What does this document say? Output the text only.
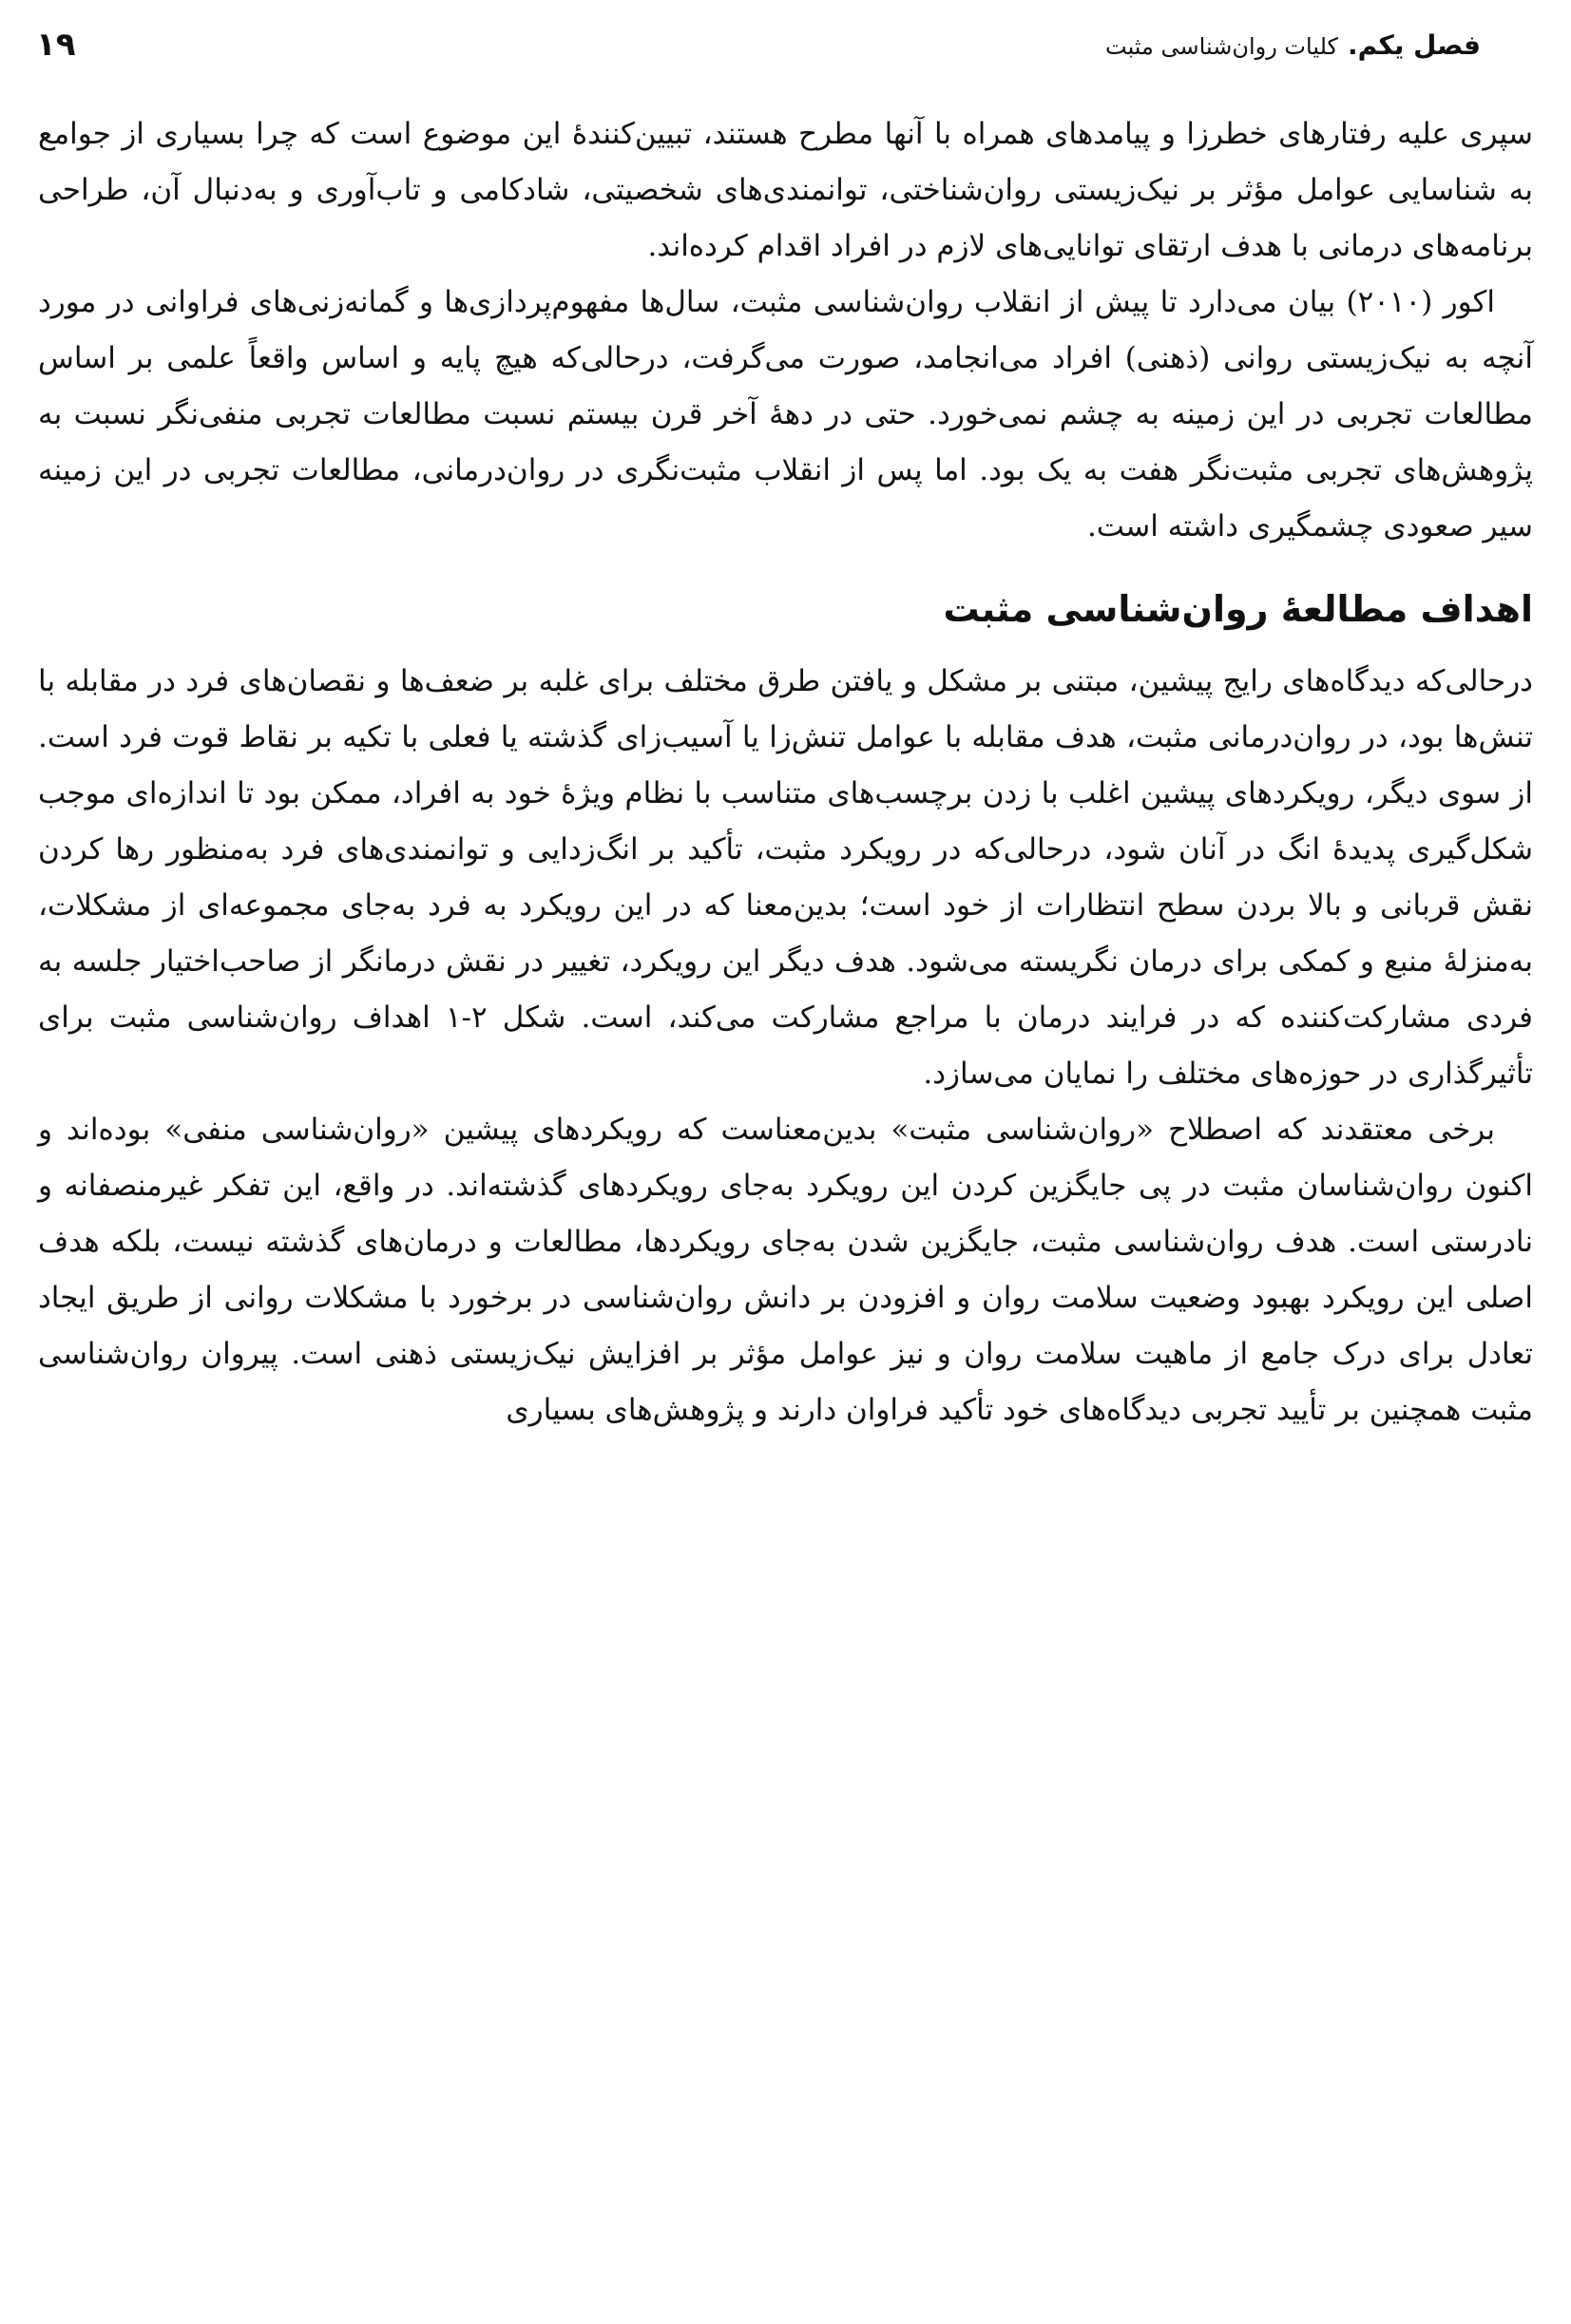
فصل یکم.
کلیات روان‌شناسی مثبت
۱۹

سپری علیه رفتارهای خطرزا و پیامدهای همراه با آنها مطرح هستند، تبیین‌کنندهٔ این موضوع است که چرا بسیاری از جوامع به شناسایی عوامل مؤثر بر نیک‌زیستی روان‌شناختی، توانمندی‌های شخصیتی، شادکامی و تاب‌آوری و به‌دنبال آن، طراحی برنامه‌های درمانی با هدف ارتقای توانایی‌های لازم در افراد اقدام کرده‌اند.

اکور (۲۰۱۰) بیان می‌دارد تا پیش از انقلاب روان‌شناسی مثبت، سال‌ها مفهوم‌پردازی‌ها و گمانه‌زنی‌های فراوانی در مورد آنچه به نیک‌زیستی روانی (ذهنی) افراد می‌انجامد، صورت می‌گرفت، درحالی‌که هیچ پایه و اساس واقعاً علمی بر اساس مطالعات تجربی در این زمینه به چشم نمی‌خورد. حتی در دههٔ آخر قرن بیستم نسبت مطالعات تجربی منفی‌نگر نسبت به پژوهش‌های تجربی مثبت‌نگر هفت به یک بود. اما پس از انقلاب مثبت‌نگری در روان‌درمانی، مطالعات تجربی در این زمینه سیر صعودی چشمگیری داشته است.

اهداف مطالعهٔ روان‌شناسی مثبت

درحالی‌که دیدگاه‌های رایج پیشین، مبتنی بر مشکل و یافتن طرق مختلف برای غلبه بر ضعف‌ها و نقصان‌های فرد در مقابله با تنش‌ها بود، در روان‌درمانی مثبت، هدف مقابله با عوامل تنش‌زا یا آسیب‌زای گذشته یا فعلی با تکیه بر نقاط قوت فرد است. از سوی دیگر، رویکردهای پیشین اغلب با زدن برچسب‌های متناسب با نظام ویژهٔ خود به افراد، ممکن بود تا اندازه‌ای موجب شکل‌گیری پدیدهٔ انگ در آنان شود، درحالی‌که در رویکرد مثبت، تأکید بر انگ‌زدایی و توانمندی‌های فرد به‌منظور رها کردن نقش قربانی و بالا بردن سطح انتظارات از خود است؛ بدین‌معنا که در این رویکرد به فرد به‌جای مجموعه‌ای از مشکلات، به‌منزلهٔ منبع و کمکی برای درمان نگریسته می‌شود. هدف دیگر این رویکرد، تغییر در نقش درمانگر از صاحب‌اختیار جلسه به فردی مشارکت‌کننده که در فرایند درمان با مراجع مشارکت می‌کند، است. شکل ۲-۱ اهداف روان‌شناسی مثبت برای تأثیرگذاری در حوزه‌های مختلف را نمایان می‌سازد.

برخی معتقدند که اصطلاح «روان‌شناسی مثبت» بدین‌معناست که رویکردهای پیشین «روان‌شناسی منفی» بوده‌اند و اکنون روان‌شناسان مثبت در پی جایگزین کردن این رویکرد به‌جای رویکردهای گذشته‌اند. در واقع، این تفکر غیرمنصفانه و نادرستی است. هدف روان‌شناسی مثبت، جایگزین شدن به‌جای رویکردها، مطالعات و درمان‌های گذشته نیست، بلکه هدف اصلی این رویکرد بهبود وضعیت سلامت روان و افزودن بر دانش روان‌شناسی در برخورد با مشکلات روانی از طریق ایجاد تعادل برای درک جامع از ماهیت سلامت روان و نیز عوامل مؤثر بر افزایش نیک‌زیستی ذهنی است. پیروان روان‌شناسی مثبت همچنین بر تأیید تجربی دیدگاه‌های خود تأکید فراوان دارند و پژوهش‌های بسیاری
